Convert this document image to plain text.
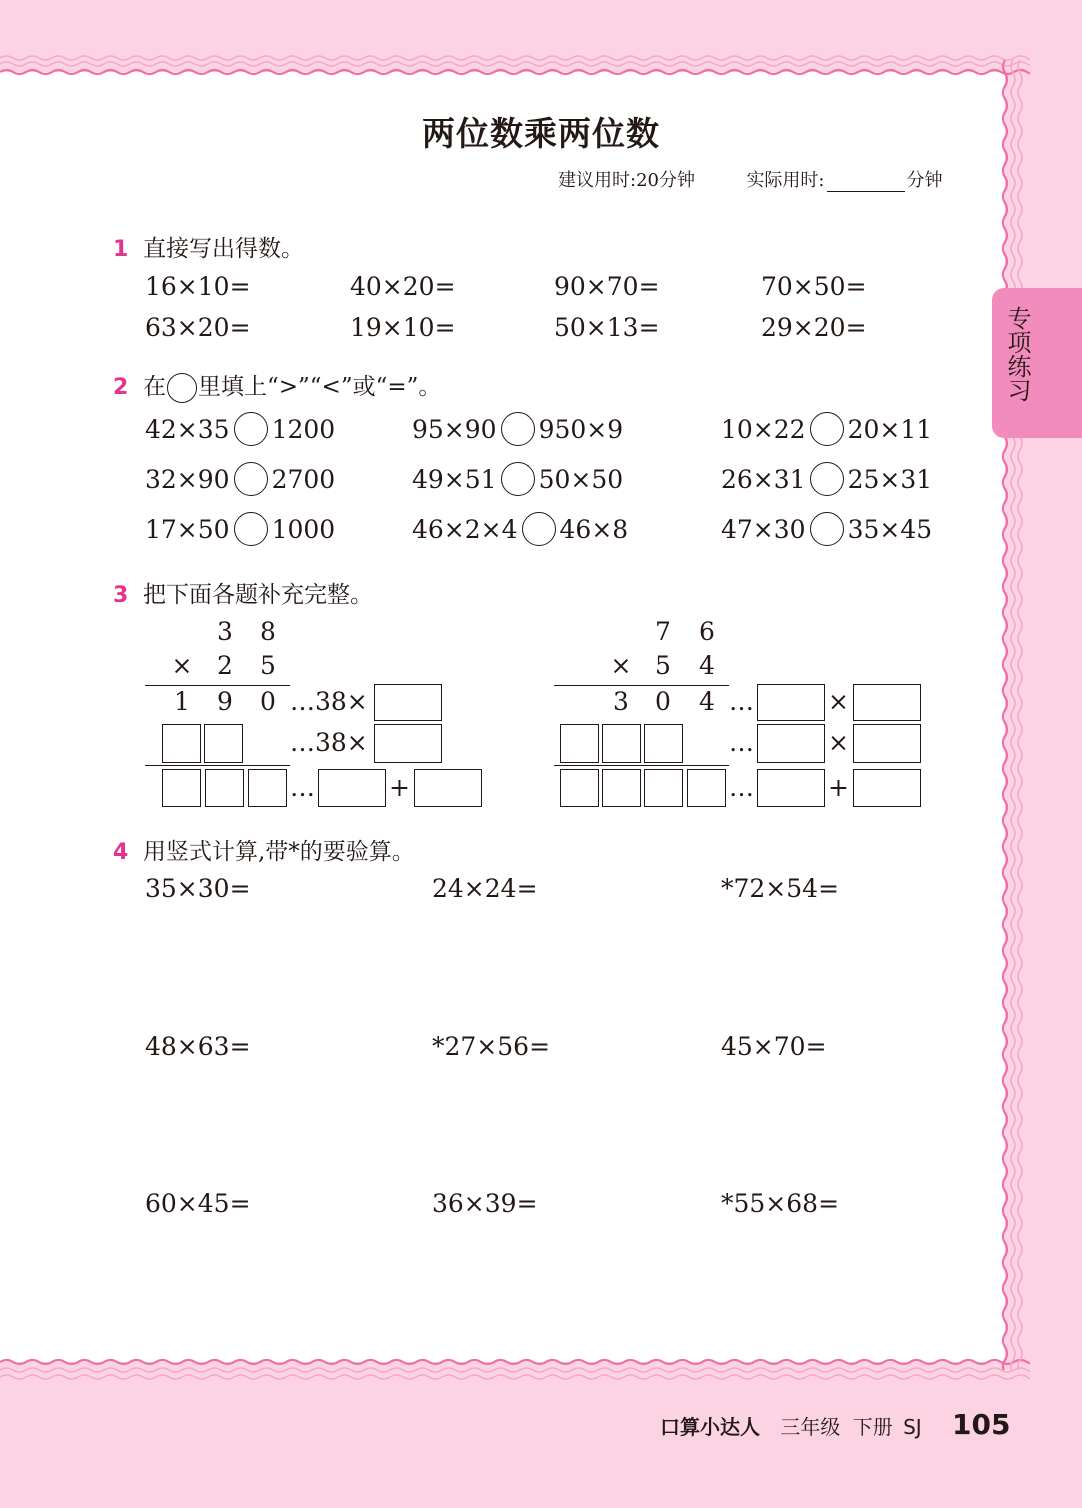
专项练习
两位数乘两位数
建议用时:20分钟	实际用时:	分钟
1 直接写出得数。
16×10=	40×20=	90×70=	70×50=
63×20=	19×10=	50×13=	29×20=
2 在 里填上“>”“<”或“=”。
42×35 1200	95×90 950×9	10×22 20×11
32×90 2700	49×51 50×50	26×31 25×31
17×50 1000	46×2×4 46×8	47×30 35×45
3 把下面各题补充完整。
3 8
× 2 5
1 9 0 …38×
…38×
…	+
7 6
× 5 4
3 0 4 …	×
…	×
…	+
4 用竖式计算,带*的要验算。
35×30=	24×24=	*72×54=
48×63=	*27×56=	45×70=
60×45=	36×39=	*55×68=
口算小达人 三年级 下册 SJ 105
